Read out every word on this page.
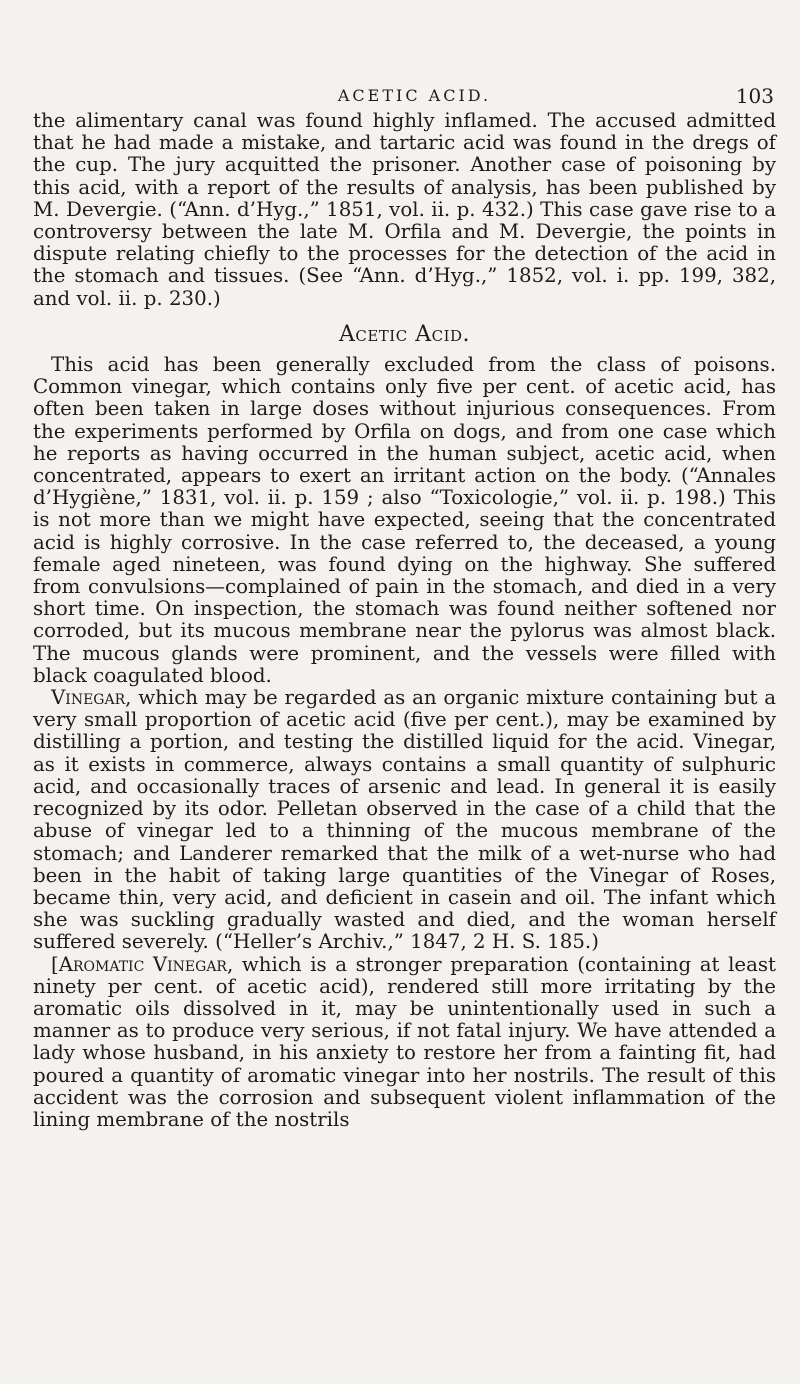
ACETIC ACID.	103

the alimentary canal was found highly inflamed. The accused admitted that he had made a mistake, and tartaric acid was found in the dregs of the cup. The jury acquitted the prisoner. Another case of poisoning by this acid, with a report of the results of analysis, has been published by M. Devergie. (“Ann. d’Hyg.,” 1851, vol. ii. p. 432.) This case gave rise to a controversy between the late M. Orfila and M. Devergie, the points in dispute relating chiefly to the processes for the detection of the acid in the stomach and tissues. (See “Ann. d’Hyg.,” 1852, vol. i. pp. 199, 382, and vol. ii. p. 230.)

Acetic Acid.

This acid has been generally excluded from the class of poisons. Common vinegar, which contains only five per cent. of acetic acid, has often been taken in large doses without injurious consequences. From the experiments performed by Orfila on dogs, and from one case which he reports as having occurred in the human subject, acetic acid, when concentrated, appears to exert an irritant action on the body. (“Annales d’Hygiène,” 1831, vol. ii. p. 159 ; also “Toxicologie,” vol. ii. p. 198.) This is not more than we might have expected, seeing that the concentrated acid is highly corrosive. In the case referred to, the deceased, a young female aged nineteen, was found dying on the highway. She suffered from convulsions—complained of pain in the stomach, and died in a very short time. On inspection, the stomach was found neither softened nor corroded, but its mucous membrane near the pylorus was almost black. The mucous glands were prominent, and the vessels were filled with black coagulated blood.

Vinegar, which may be regarded as an organic mixture containing but a very small proportion of acetic acid (five per cent.), may be examined by distilling a portion, and testing the distilled liquid for the acid. Vinegar, as it exists in commerce, always contains a small quantity of sulphuric acid, and occasionally traces of arsenic and lead. In general it is easily recognized by its odor. Pelletan observed in the case of a child that the abuse of vinegar led to a thinning of the mucous membrane of the stomach; and Landerer remarked that the milk of a wet-nurse who had been in the habit of taking large quantities of the Vinegar of Roses, became thin, very acid, and deficient in casein and oil. The infant which she was suckling gradually wasted and died, and the woman herself suffered severely. (“Heller’s Archiv.,” 1847, 2 H. S. 185.)

[Aromatic Vinegar, which is a stronger preparation (containing at least ninety per cent. of acetic acid), rendered still more irritating by the aromatic oils dissolved in it, may be unintentionally used in such a manner as to produce very serious, if not fatal injury. We have attended a lady whose husband, in his anxiety to restore her from a fainting fit, had poured a quantity of aromatic vinegar into her nostrils. The result of this accident was the corrosion and subsequent violent inflammation of the lining membrane of the nostrils
